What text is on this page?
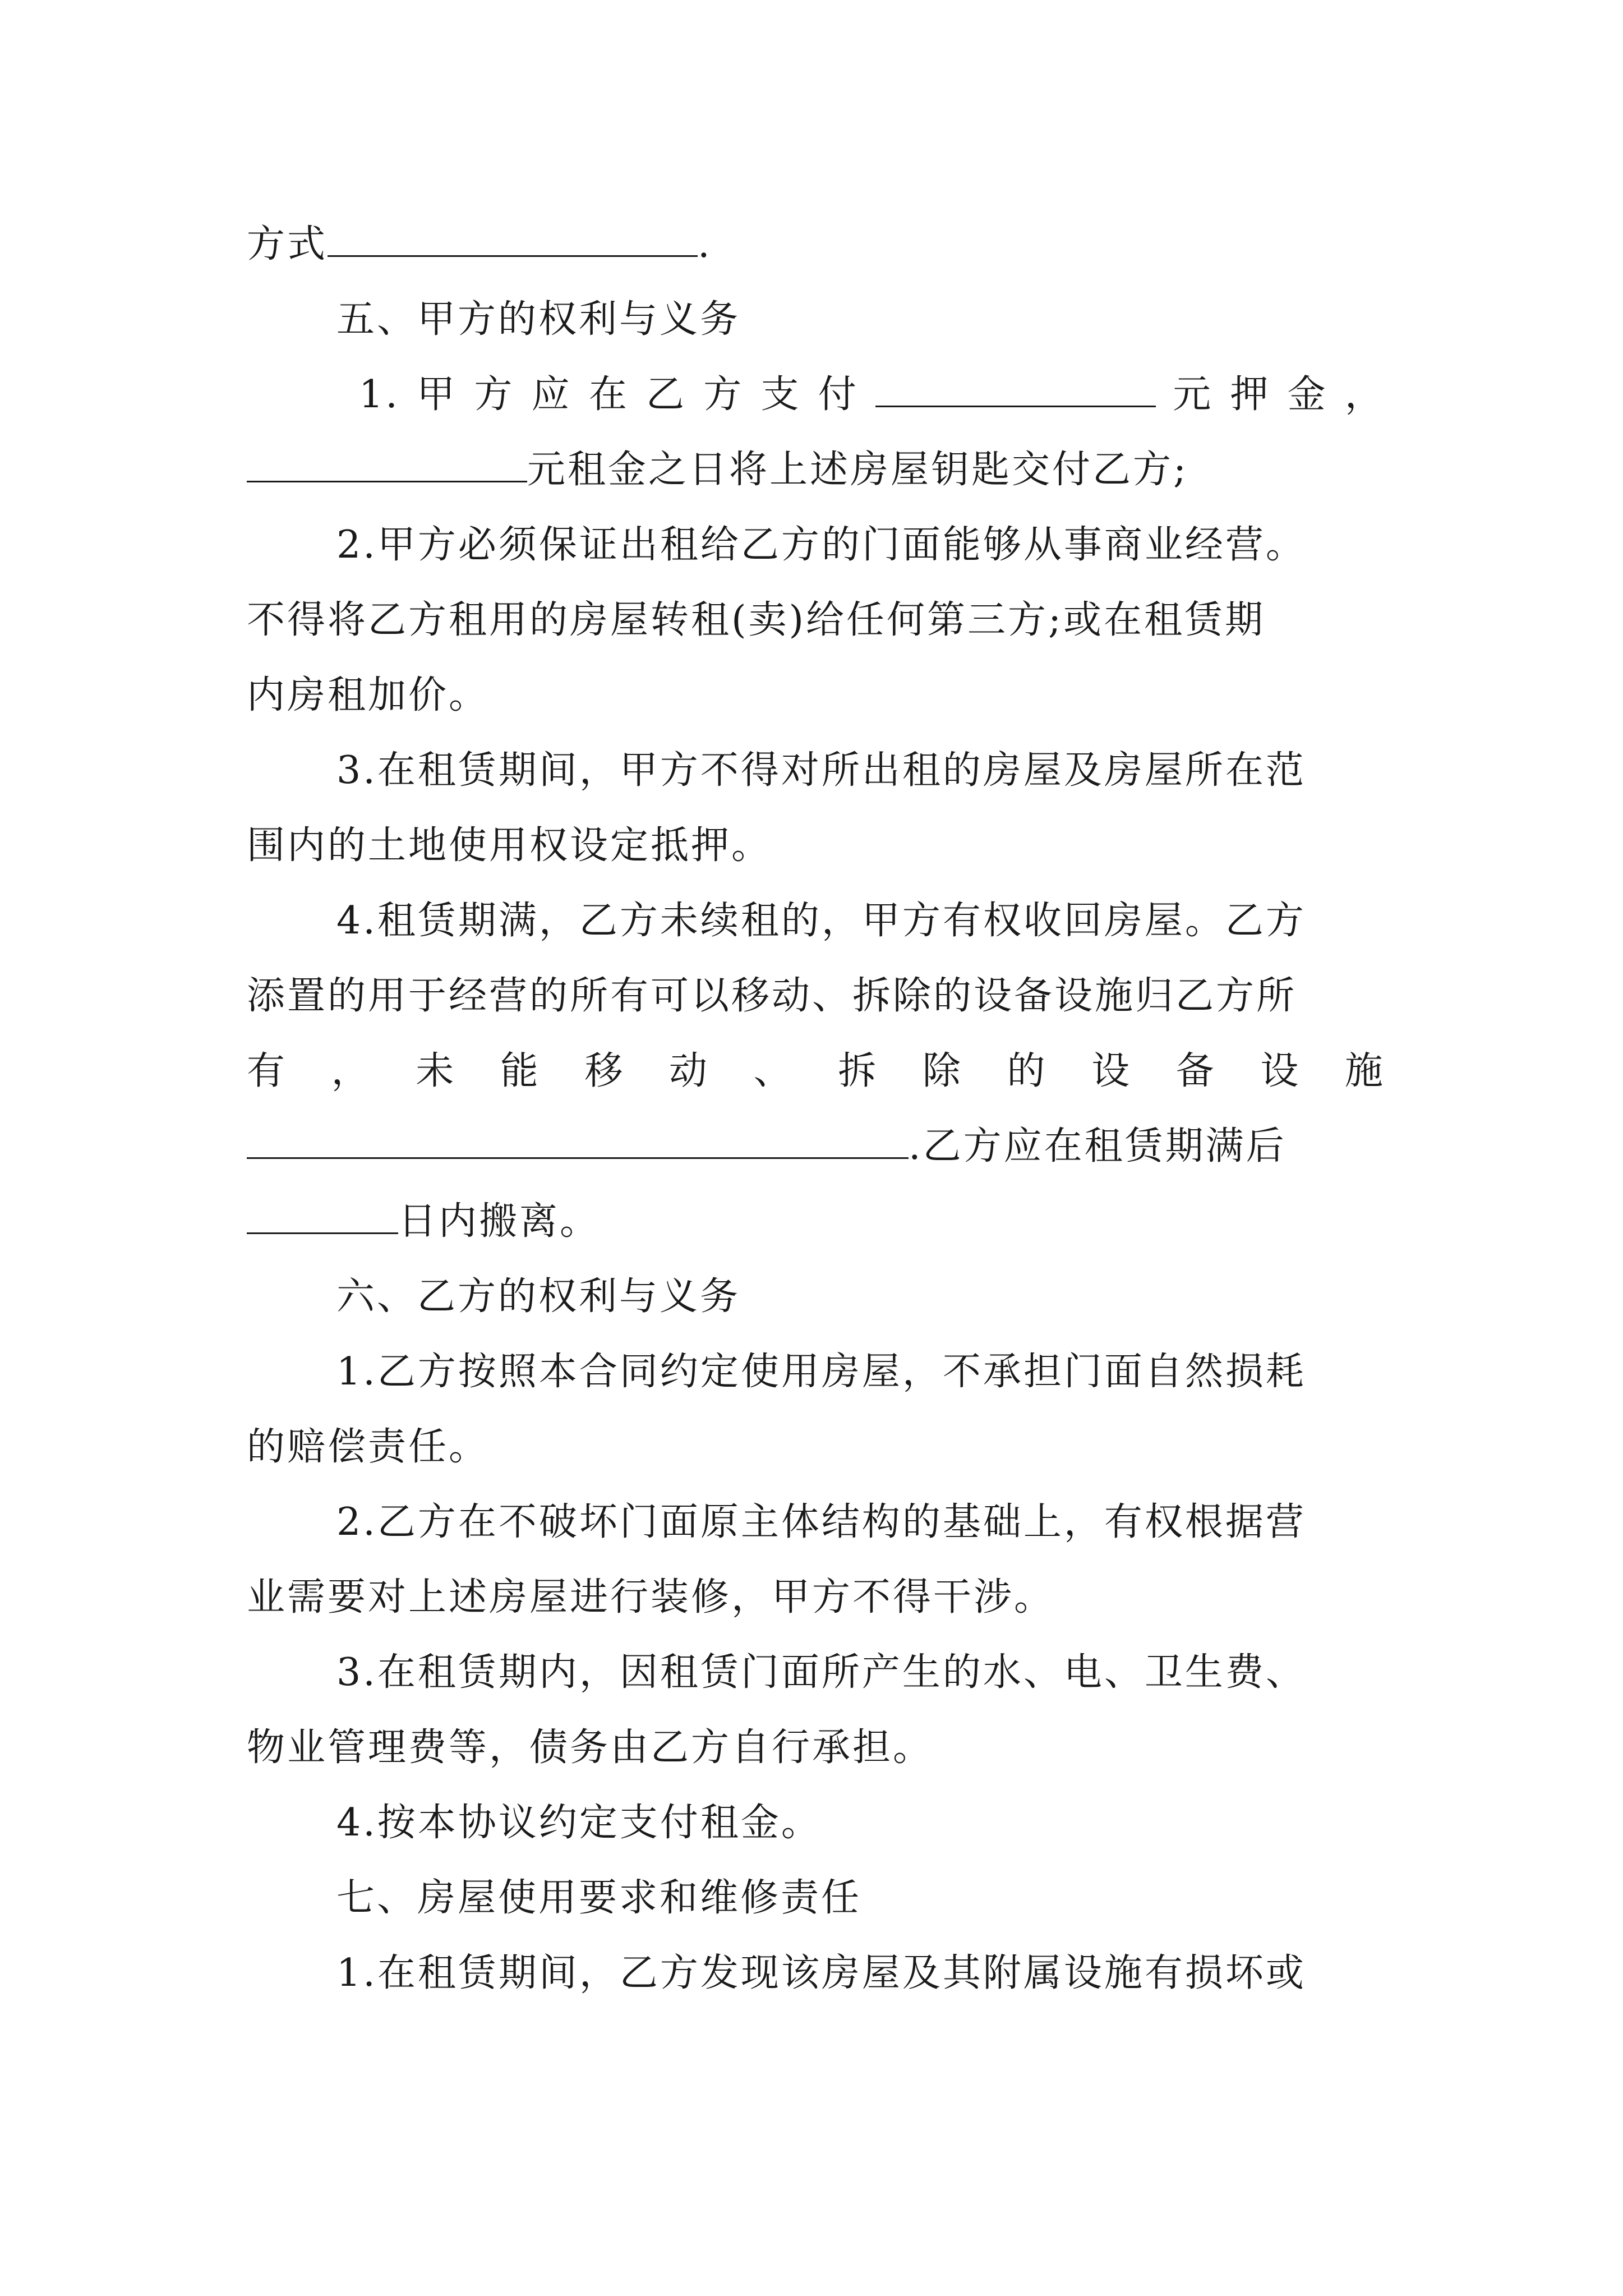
方式	.
五、甲方的权利与义务
1. 甲 方 应 在 乙 方 支 付	元 押 金 ，
元租金之日将上述房屋钥匙交付乙方;
2.甲方必须保证出租给乙方的门面能够从事商业经营。
不得将乙方租用的房屋转租(卖)给任何第三方;或在租赁期
内房租加价。
3.在租赁期间，甲方不得对所出租的房屋及房屋所在范
围内的土地使用权设定抵押。
4.租赁期满，乙方未续租的，甲方有权收回房屋。乙方
添置的用于经营的所有可以移动、拆除的设备设施归乙方所
有 ， 未 能 移 动 、 拆 除 的 设 备 设 施
.乙方应在租赁期满后
日内搬离。
六、乙方的权利与义务
1.乙方按照本合同约定使用房屋，不承担门面自然损耗
的赔偿责任。
2.乙方在不破坏门面原主体结构的基础上，有权根据营
业需要对上述房屋进行装修，甲方不得干涉。
3.在租赁期内，因租赁门面所产生的水、电、卫生费、
物业管理费等，债务由乙方自行承担。
4.按本协议约定支付租金。
七、房屋使用要求和维修责任
1.在租赁期间，乙方发现该房屋及其附属设施有损坏或
